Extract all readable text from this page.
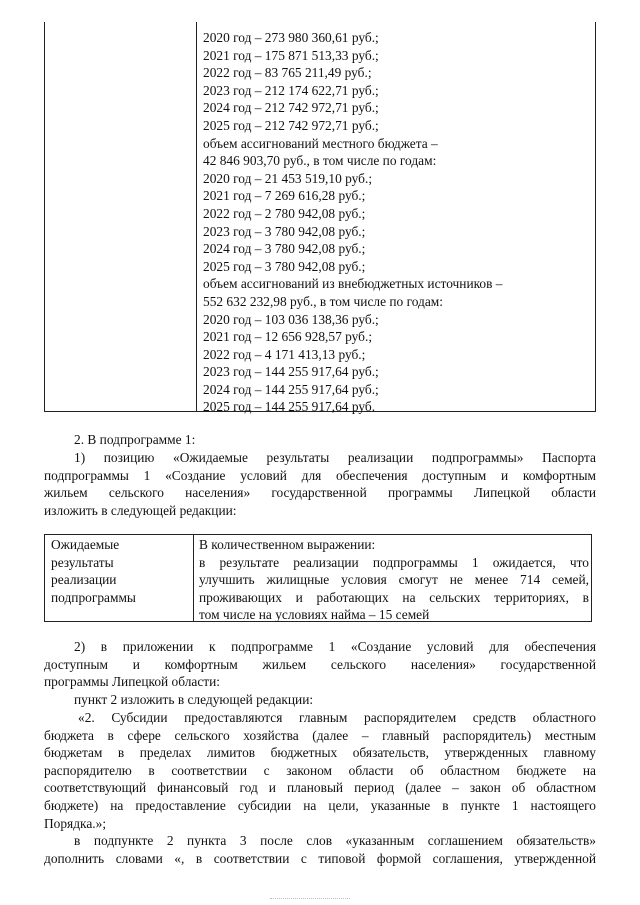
2020 год – 273 980 360,61 руб.;
2021 год – 175 871 513,33 руб.;
2022 год – 83 765 211,49 руб.;
2023 год – 212 174 622,71 руб.;
2024 год – 212 742 972,71 руб.;
2025 год – 212 742 972,71 руб.;
объем ассигнований местного бюджета –
42 846 903,70 руб., в том числе по годам:
2020 год – 21 453 519,10 руб.;
2021 год – 7 269 616,28 руб.;
2022 год – 2 780 942,08 руб.;
2023 год – 3 780 942,08 руб.;
2024 год – 3 780 942,08 руб.;
2025 год – 3 780 942,08 руб.;
объем ассигнований из внебюджетных источников –
552 632 232,98 руб., в том числе по годам:
2020 год – 103 036 138,36 руб.;
2021 год – 12 656 928,57 руб.;
2022 год – 4 171 413,13 руб.;
2023 год – 144 255 917,64 руб.;
2024 год – 144 255 917,64 руб.;
2025 год – 144 255 917,64 руб.
2. В подпрограмме 1:
1) позицию «Ожидаемые результаты реализации подпрограммы» Паспорта
подпрограммы 1 «Создание условий для обеспечения доступным и комфортным
жильем сельского населения» государственной программы Липецкой области
изложить в следующей редакции:
Ожидаемые
результаты
реализации
подпрограммы
В количественном выражении:
в результате реализации подпрограммы 1 ожидается, что
улучшить жилищные условия смогут не менее 714 семей,
проживающих и работающих на сельских территориях, в
том числе на условиях найма – 15 семей
2) в приложении к подпрограмме 1 «Создание условий для обеспечения
доступным и комфортным жильем сельского населения» государственной
программы Липецкой области:
пункт 2 изложить в следующей редакции:
«2. Субсидии предоставляются главным распорядителем средств областного
бюджета в сфере сельского хозяйства (далее – главный распорядитель) местным
бюджетам в пределах лимитов бюджетных обязательств, утвержденных главному
распорядителю в соответствии с законом области об областном бюджете на
соответствующий финансовый год и плановый период (далее – закон об областном
бюджете) на предоставление субсидии на цели, указанные в пункте 1 настоящего
Порядка.»;
в подпункте 2 пункта 3 после слов «указанным соглашением обязательств»
дополнить словами «, в соответствии с типовой формой соглашения, утвержденной
